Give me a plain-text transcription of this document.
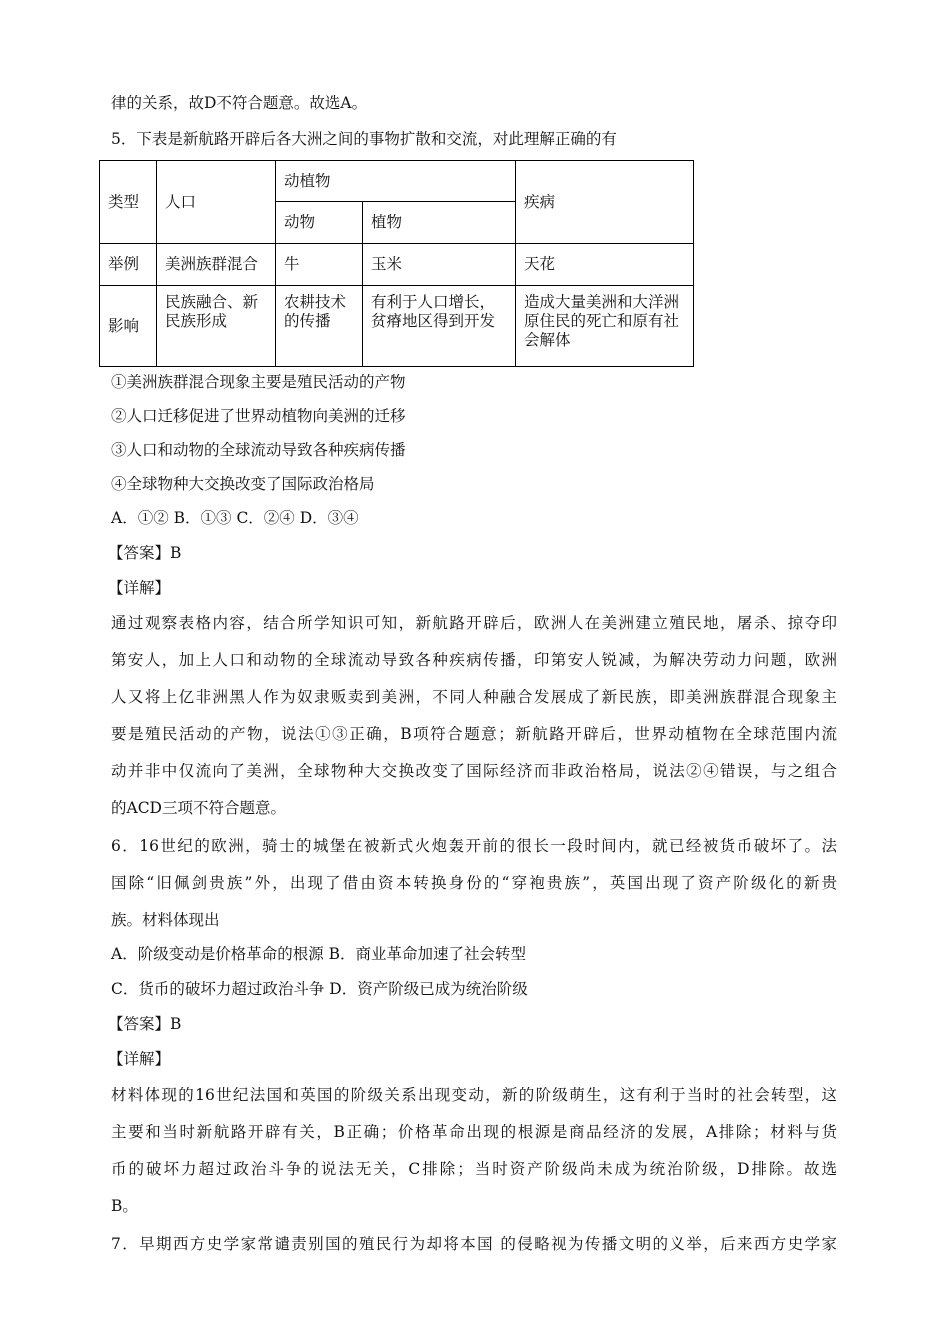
律的关系，故D不符合题意。故选A。
5．下表是新航路开辟后各大洲之间的事物扩散和交流，对此理解正确的有
类型	人口	动植物		疾病
		动物	植物	
举例	美洲族群混合	牛	玉米	天花
影响	民族融合、新民族形成	农耕技术的传播	有利于人口增长，贫瘠地区得到开发	造成大量美洲和大洋洲原住民的死亡和原有社会解体
①美洲族群混合现象主要是殖民活动的产物
②人口迁移促进了世界动植物向美洲的迁移
③人口和动物的全球流动导致各种疾病传播
④全球物种大交换改变了国际政治格局
A．①② B．①③ C．②④ D．③④
【答案】B
【详解】
通过观察表格内容，结合所学知识可知，新航路开辟后，欧洲人在美洲建立殖民地，屠杀、掠夺印
第安人，加上人口和动物的全球流动导致各种疾病传播，印第安人锐减，为解决劳动力问题，欧洲
人又将上亿非洲黑人作为奴隶贩卖到美洲，不同人种融合发展成了新民族，即美洲族群混合现象主
要是殖民活动的产物，说法①③正确，B项符合题意；新航路开辟后，世界动植物在全球范围内流
动并非中仅流向了美洲，全球物种大交换改变了国际经济而非政治格局，说法②④错误，与之组合
的ACD三项不符合题意。
6．16世纪的欧洲，骑士的城堡在被新式火炮轰开前的很长一段时间内，就已经被货币破坏了。法
国除“旧佩剑贵族”外，出现了借由资本转换身份的“穿袍贵族”，英国出现了资产阶级化的新贵
族。材料体现出
A．阶级变动是价格革命的根源 B．商业革命加速了社会转型
C．货币的破坏力超过政治斗争 D．资产阶级已成为统治阶级
【答案】B
【详解】
材料体现的16世纪法国和英国的阶级关系出现变动，新的阶级萌生，这有利于当时的社会转型，这
主要和当时新航路开辟有关，B正确；价格革命出现的根源是商品经济的发展，A排除；材料与货
币的破坏力超过政治斗争的说法无关，C排除；当时资产阶级尚未成为统治阶级，D排除。故选
B。
7．早期西方史学家常谴责别国的殖民行为却将本国 的侵略视为传播文明的义举，后来西方史学家
